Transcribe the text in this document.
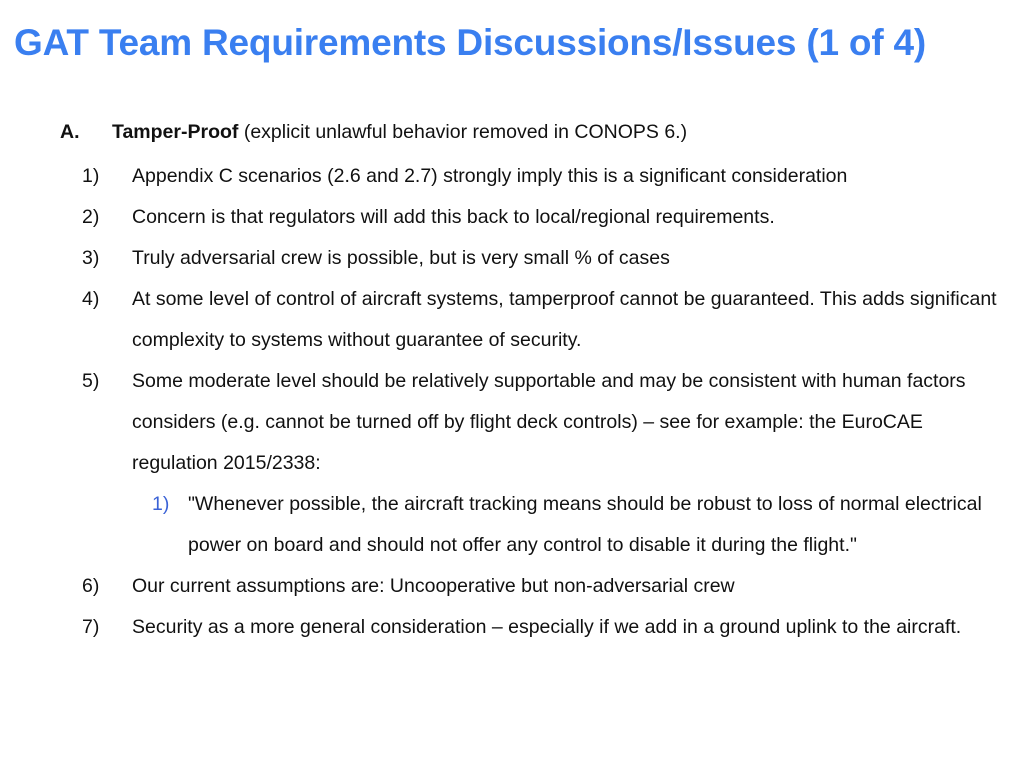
GAT Team Requirements Discussions/Issues (1 of 4)
A. Tamper-Proof (explicit unlawful behavior removed in CONOPS 6.)
1) Appendix C scenarios (2.6 and 2.7) strongly imply this is a significant consideration
2) Concern is that regulators will add this back to local/regional requirements.
3) Truly adversarial crew is possible, but is very small % of cases
4) At some level of control of aircraft systems, tamperproof cannot be guaranteed. This adds significant complexity to systems without guarantee of security.
5) Some moderate level should be relatively supportable and may be consistent with human factors considers (e.g. cannot be turned off by flight deck controls) – see for example: the EuroCAE regulation 2015/2338:
1) "Whenever possible, the aircraft tracking means should be robust to loss of normal electrical power on board and should not offer any control to disable it during the flight."
6) Our current assumptions are: Uncooperative but non-adversarial crew
7) Security as a more general consideration – especially if we add in a ground uplink to the aircraft.
